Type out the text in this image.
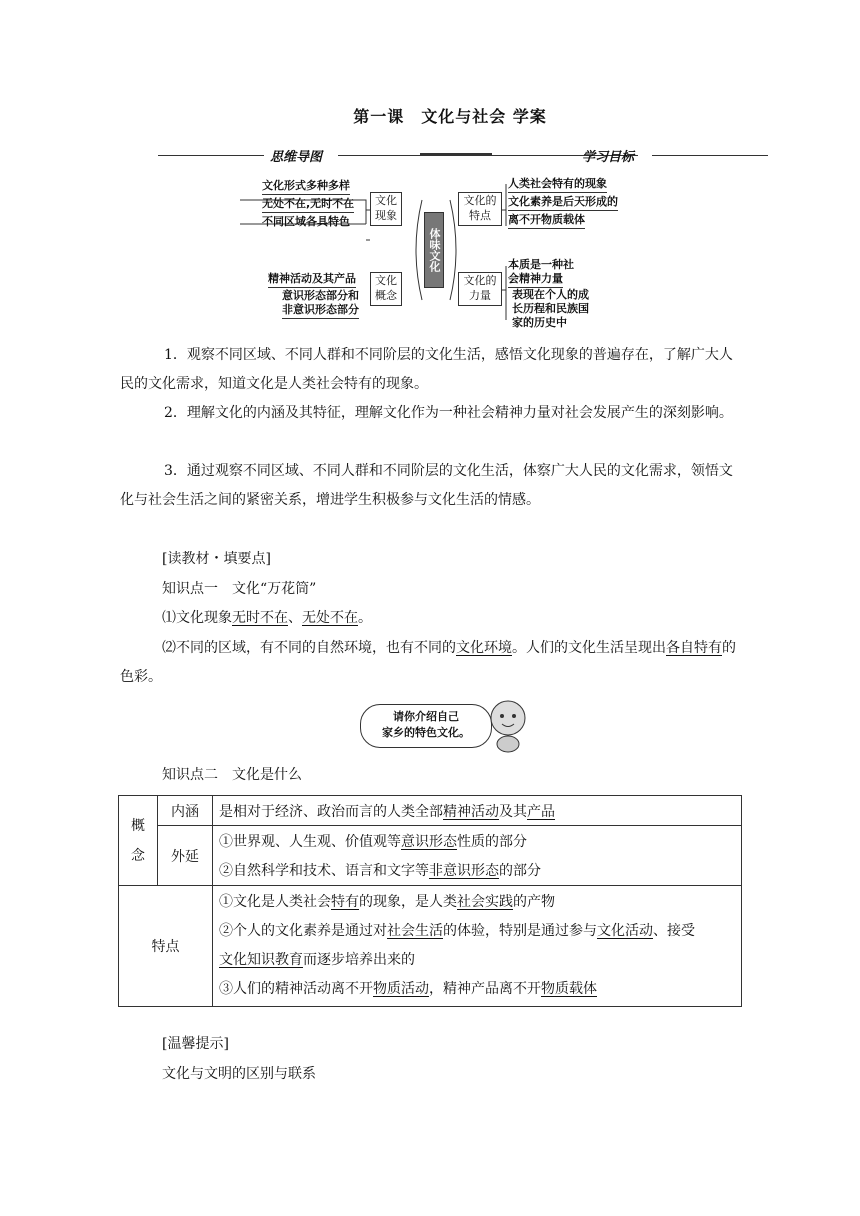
第一课　文化与社会 学案
思维导图	学习目标
文化形式多种多样
无处不在,无时不在
不同区域各具特色
文化现象
精神活动及其产品
意识形态部分和
非意识形态部分
文化概念
体味文化
文化的特点
人类社会特有的现象
文化素养是后天形成的
离不开物质载体
文化的力量
本质是一种社
会精神力量
表现在个人的成
长历程和民族国
家的历史中

1．观察不同区域、不同人群和不同阶层的文化生活，感悟文化现象的普遍存在，了解广大人民的文化需求，知道文化是人类社会特有的现象。

2．理解文化的内涵及其特征，理解文化作为一种社会精神力量对社会发展产生的深刻影响。

3．通过观察不同区域、不同人群和不同阶层的文化生活，体察广大人民的文化需求，领悟文化与社会生活之间的紧密关系，增进学生积极参与文化生活的情感。

[读教材・填要点]

知识点一　文化“万花筒”

⑴文化现象无时不在、无处不在。

⑵不同的区域，有不同的自然环境，也有不同的文化环境。人们的文化生活呈现出各自特有的色彩。

请你介绍自己
家乡的特色文化。

知识点二　文化是什么

概念	内涵	是相对于经济、政治而言的人类全部精神活动及其产品
	外延	①世界观、人生观、价值观等意识形态性质的部分
		②自然科学和技术、语言和文字等非意识形态的部分
特点		①文化是人类社会特有的现象，是人类社会实践的产物
②个人的文化素养是通过对社会生活的体验，特别是通过参与文化活动、接受
文化知识教育而逐步培养出来的
③人们的精神活动离不开物质活动，精神产品离不开物质载体

[温馨提示]

文化与文明的区别与联系
